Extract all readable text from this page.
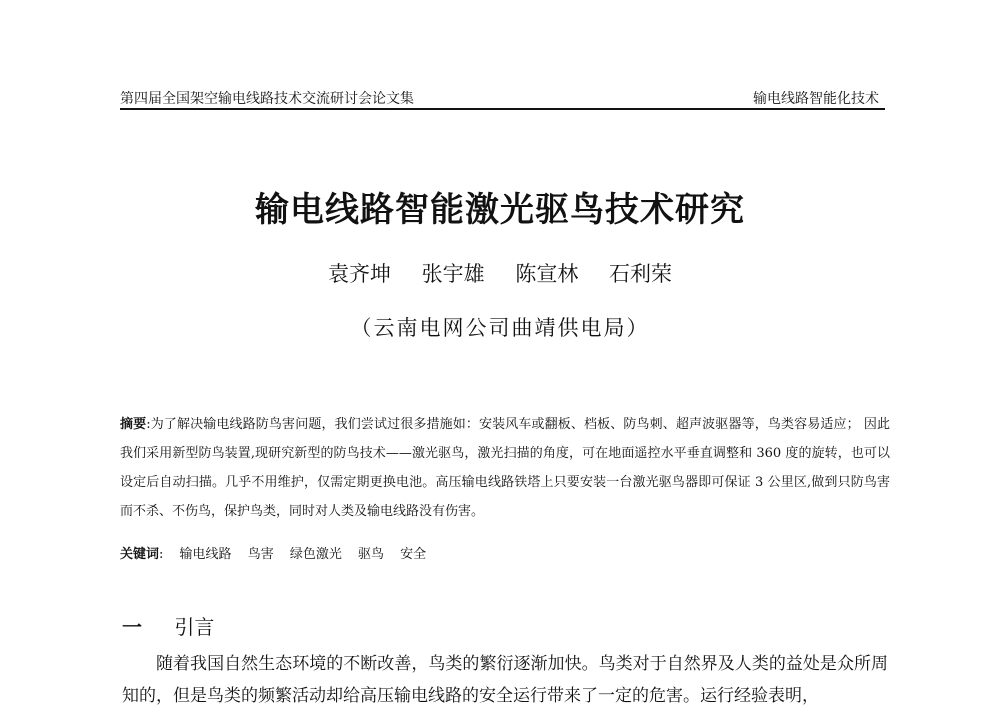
第四届全国架空输电线路技术交流研讨会论文集	输电线路智能化技术
输电线路智能激光驱鸟技术研究
袁齐坤 张宇雄 陈宣林 石利荣
（云南电网公司曲靖供电局）
摘要:为了解决输电线路防鸟害问题，我们尝试过很多措施如：安装风车或翻板、档板、防鸟刺、超声波驱器等，鸟类容易适应； 因此我们采用新型防鸟装置,现研究新型的防鸟技术——激光驱鸟，激光扫描的角度，可在地面遥控水平垂直调整和 360 度的旋转，也可以设定后自动扫描。几乎不用维护，仅需定期更换电池。高压输电线路铁塔上只要安装一台激光驱鸟器即可保证 3 公里区,做到只防鸟害而不杀、不伤鸟，保护鸟类，同时对人类及输电线路没有伤害。
关键词: 输电线路 鸟害 绿色激光 驱鸟 安全
一 引言
随着我国自然生态环境的不断改善，鸟类的繁衍逐渐加快。鸟类对于自然界及人类的益处是众所周知的，但是鸟类的频繁活动却给高压输电线路的安全运行带来了一定的危害。运行经验表明，
